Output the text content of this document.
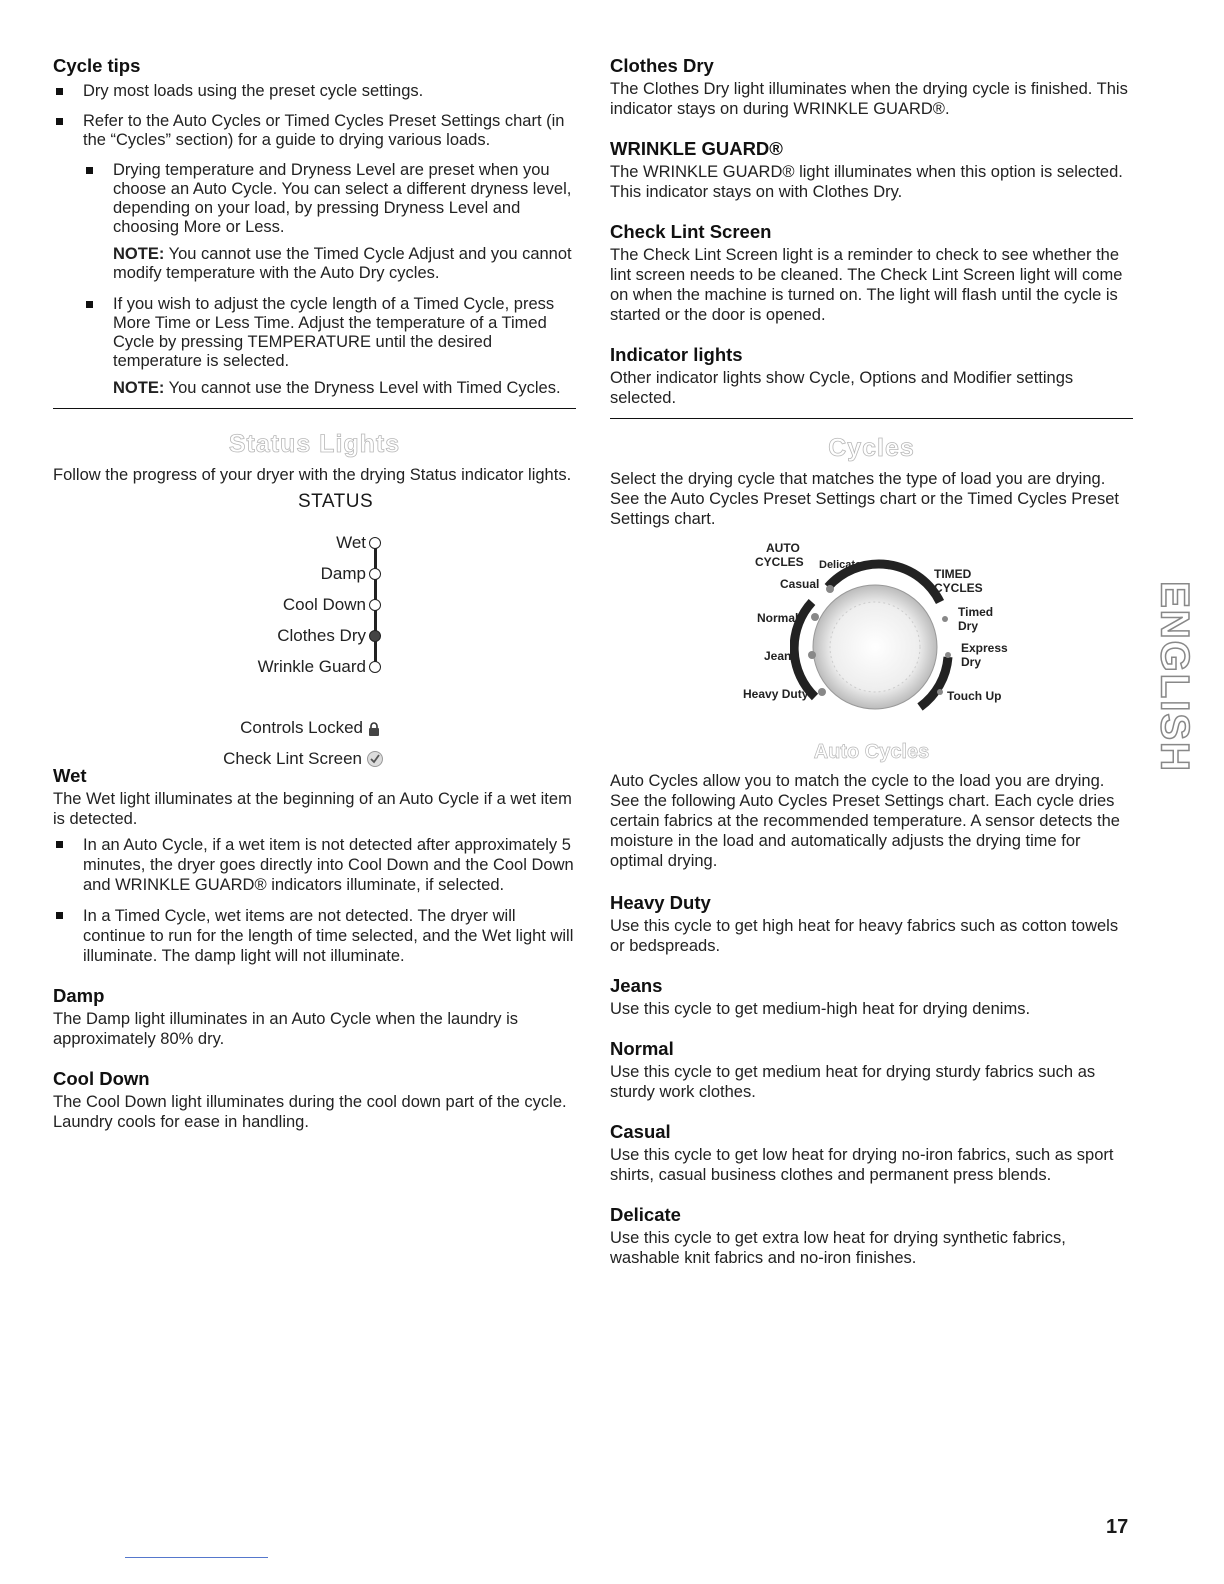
Cycle tips
Dry most loads using the preset cycle settings.
Refer to the Auto Cycles or Timed Cycles Preset Settings chart (in the “Cycles” section) for a guide to drying various loads.
Drying temperature and Dryness Level are preset when you choose an Auto Cycle. You can select a different dryness level, depending on your load, by pressing Dryness Level and choosing More or Less.
NOTE: You cannot use the Timed Cycle Adjust and you cannot modify temperature with the Auto Dry cycles.
If you wish to adjust the cycle length of a Timed Cycle, press More Time or Less Time. Adjust the temperature of a Timed Cycle by pressing TEMPERATURE until the desired temperature is selected.
NOTE: You cannot use the Dryness Level with Timed Cycles.
Status Lights

Follow the progress of your dryer with the drying Status indicator lights.

STATUS
Wet
Damp
Cool Down
Clothes Dry
Wrinkle Guard
Controls Locked
Check Lint Screen
Wet

The Wet light illuminates at the beginning of an Auto Cycle if a wet item is detected.

In an Auto Cycle, if a wet item is not detected after approximately 5 minutes, the dryer goes directly into Cool Down and the Cool Down and WRINKLE GUARD® indicators illuminate, if selected.
In a Timed Cycle, wet items are not detected. The dryer will continue to run for the length of time selected, and the Wet light will illuminate. The damp light will not illuminate.
Damp

The Damp light illuminates in an Auto Cycle when the laundry is approximately 80% dry.

Cool Down

The Cool Down light illuminates during the cool down part of the cycle. Laundry cools for ease in handling.

Clothes Dry

The Clothes Dry light illuminates when the drying cycle is finished. This indicator stays on during WRINKLE GUARD®.

WRINKLE GUARD®

The WRINKLE GUARD® light illuminates when this option is selected. This indicator stays on with Clothes Dry.

Check Lint Screen

The Check Lint Screen light is a reminder to check to see whether the lint screen needs to be cleaned. The Check Lint Screen light will come on when the machine is turned on. The light will flash until the cycle is started or the door is opened.

Indicator lights

Other indicator lights show Cycle, Options and Modifier settings selected.

Cycles

Select the drying cycle that matches the type of load you are drying. See the Auto Cycles Preset Settings chart or the Timed Cycles Preset Settings chart.

AUTO
CYCLES Delicate
Casual
Normal
Jeans
Heavy Duty
TIMED
CYCLES
Timed
Dry
Express
Dry
Touch Up
Auto Cycles

Auto Cycles allow you to match the cycle to the load you are drying. See the following Auto Cycles Preset Settings chart. Each cycle dries certain fabrics at the recommended temperature. A sensor detects the moisture in the load and automatically adjusts the drying time for optimal drying.

Heavy Duty

Use this cycle to get high heat for heavy fabrics such as cotton towels or bedspreads.

Jeans

Use this cycle to get medium-high heat for drying denims.

Normal

Use this cycle to get medium heat for drying sturdy fabrics such as sturdy work clothes.

Casual

Use this cycle to get low heat for drying no-iron fabrics, such as sport shirts, casual business clothes and permanent press blends.

Delicate

Use this cycle to get extra low heat for drying synthetic fabrics, washable knit fabrics and no-iron finishes.

ENGLISH
17
